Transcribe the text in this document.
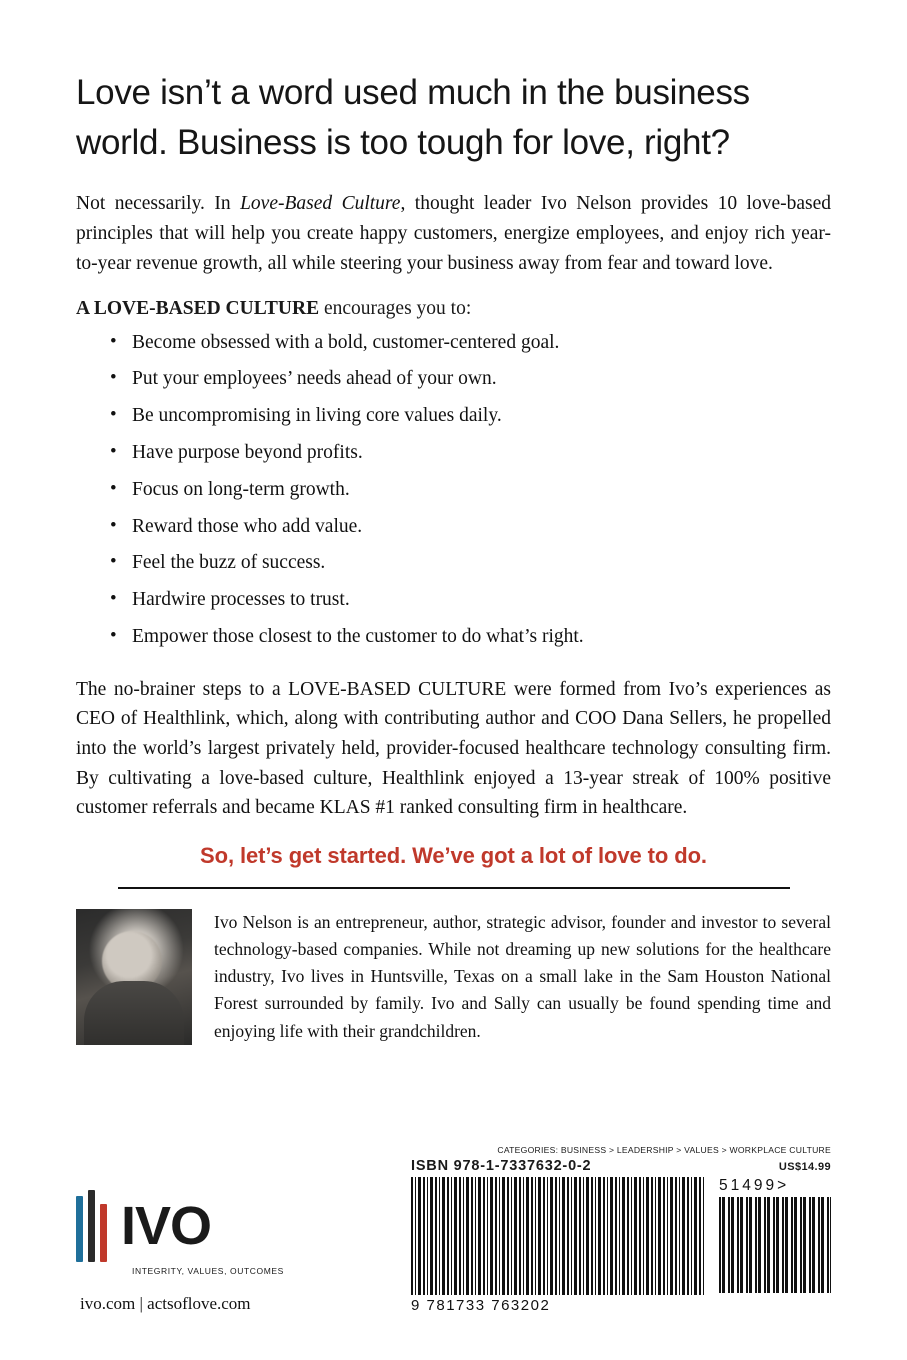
Love isn’t a word used much in the business world. Business is too tough for love, right?

Not necessarily. In Love-Based Culture, thought leader Ivo Nelson provides 10 love-based principles that will help you create happy customers, energize employees, and enjoy rich year-to-year revenue growth, all while steering your business away from fear and toward love.

A LOVE-BASED CULTURE encourages you to:

• Become obsessed with a bold, customer-centered goal.
• Put your employees’ needs ahead of your own.
• Be uncompromising in living core values daily.
• Have purpose beyond profits.
• Focus on long-term growth.
• Reward those who add value.
• Feel the buzz of success.
• Hardwire processes to trust.
• Empower those closest to the customer to do what’s right.

The no-brainer steps to a LOVE-BASED CULTURE were formed from Ivo’s experiences as CEO of Healthlink, which, along with contributing author and COO Dana Sellers, he propelled into the world’s largest privately held, provider-focused healthcare technology consulting firm. By cultivating a love-based culture, Healthlink enjoyed a 13-year streak of 100% positive customer referrals and became KLAS #1 ranked consulting firm in healthcare.

So, let’s get started. We’ve got a lot of love to do.

Ivo Nelson is an entrepreneur, author, strategic advisor, founder and investor to several technology-based companies. While not dreaming up new solutions for the healthcare industry, Ivo lives in Huntsville, Texas on a small lake in the Sam Houston National Forest surrounded by family. Ivo and Sally can usually be found spending time and enjoying life with their grandchildren.
IVO
INTEGRITY, VALUES, OUTCOMES
ivo.com | actsoflove.com
CATEGORIES: BUSINESS > LEADERSHIP > VALUES > WORKPLACE CULTURE
ISBN 978-1-7337632-0-2	US$14.99
9 781733 763202
51499>
